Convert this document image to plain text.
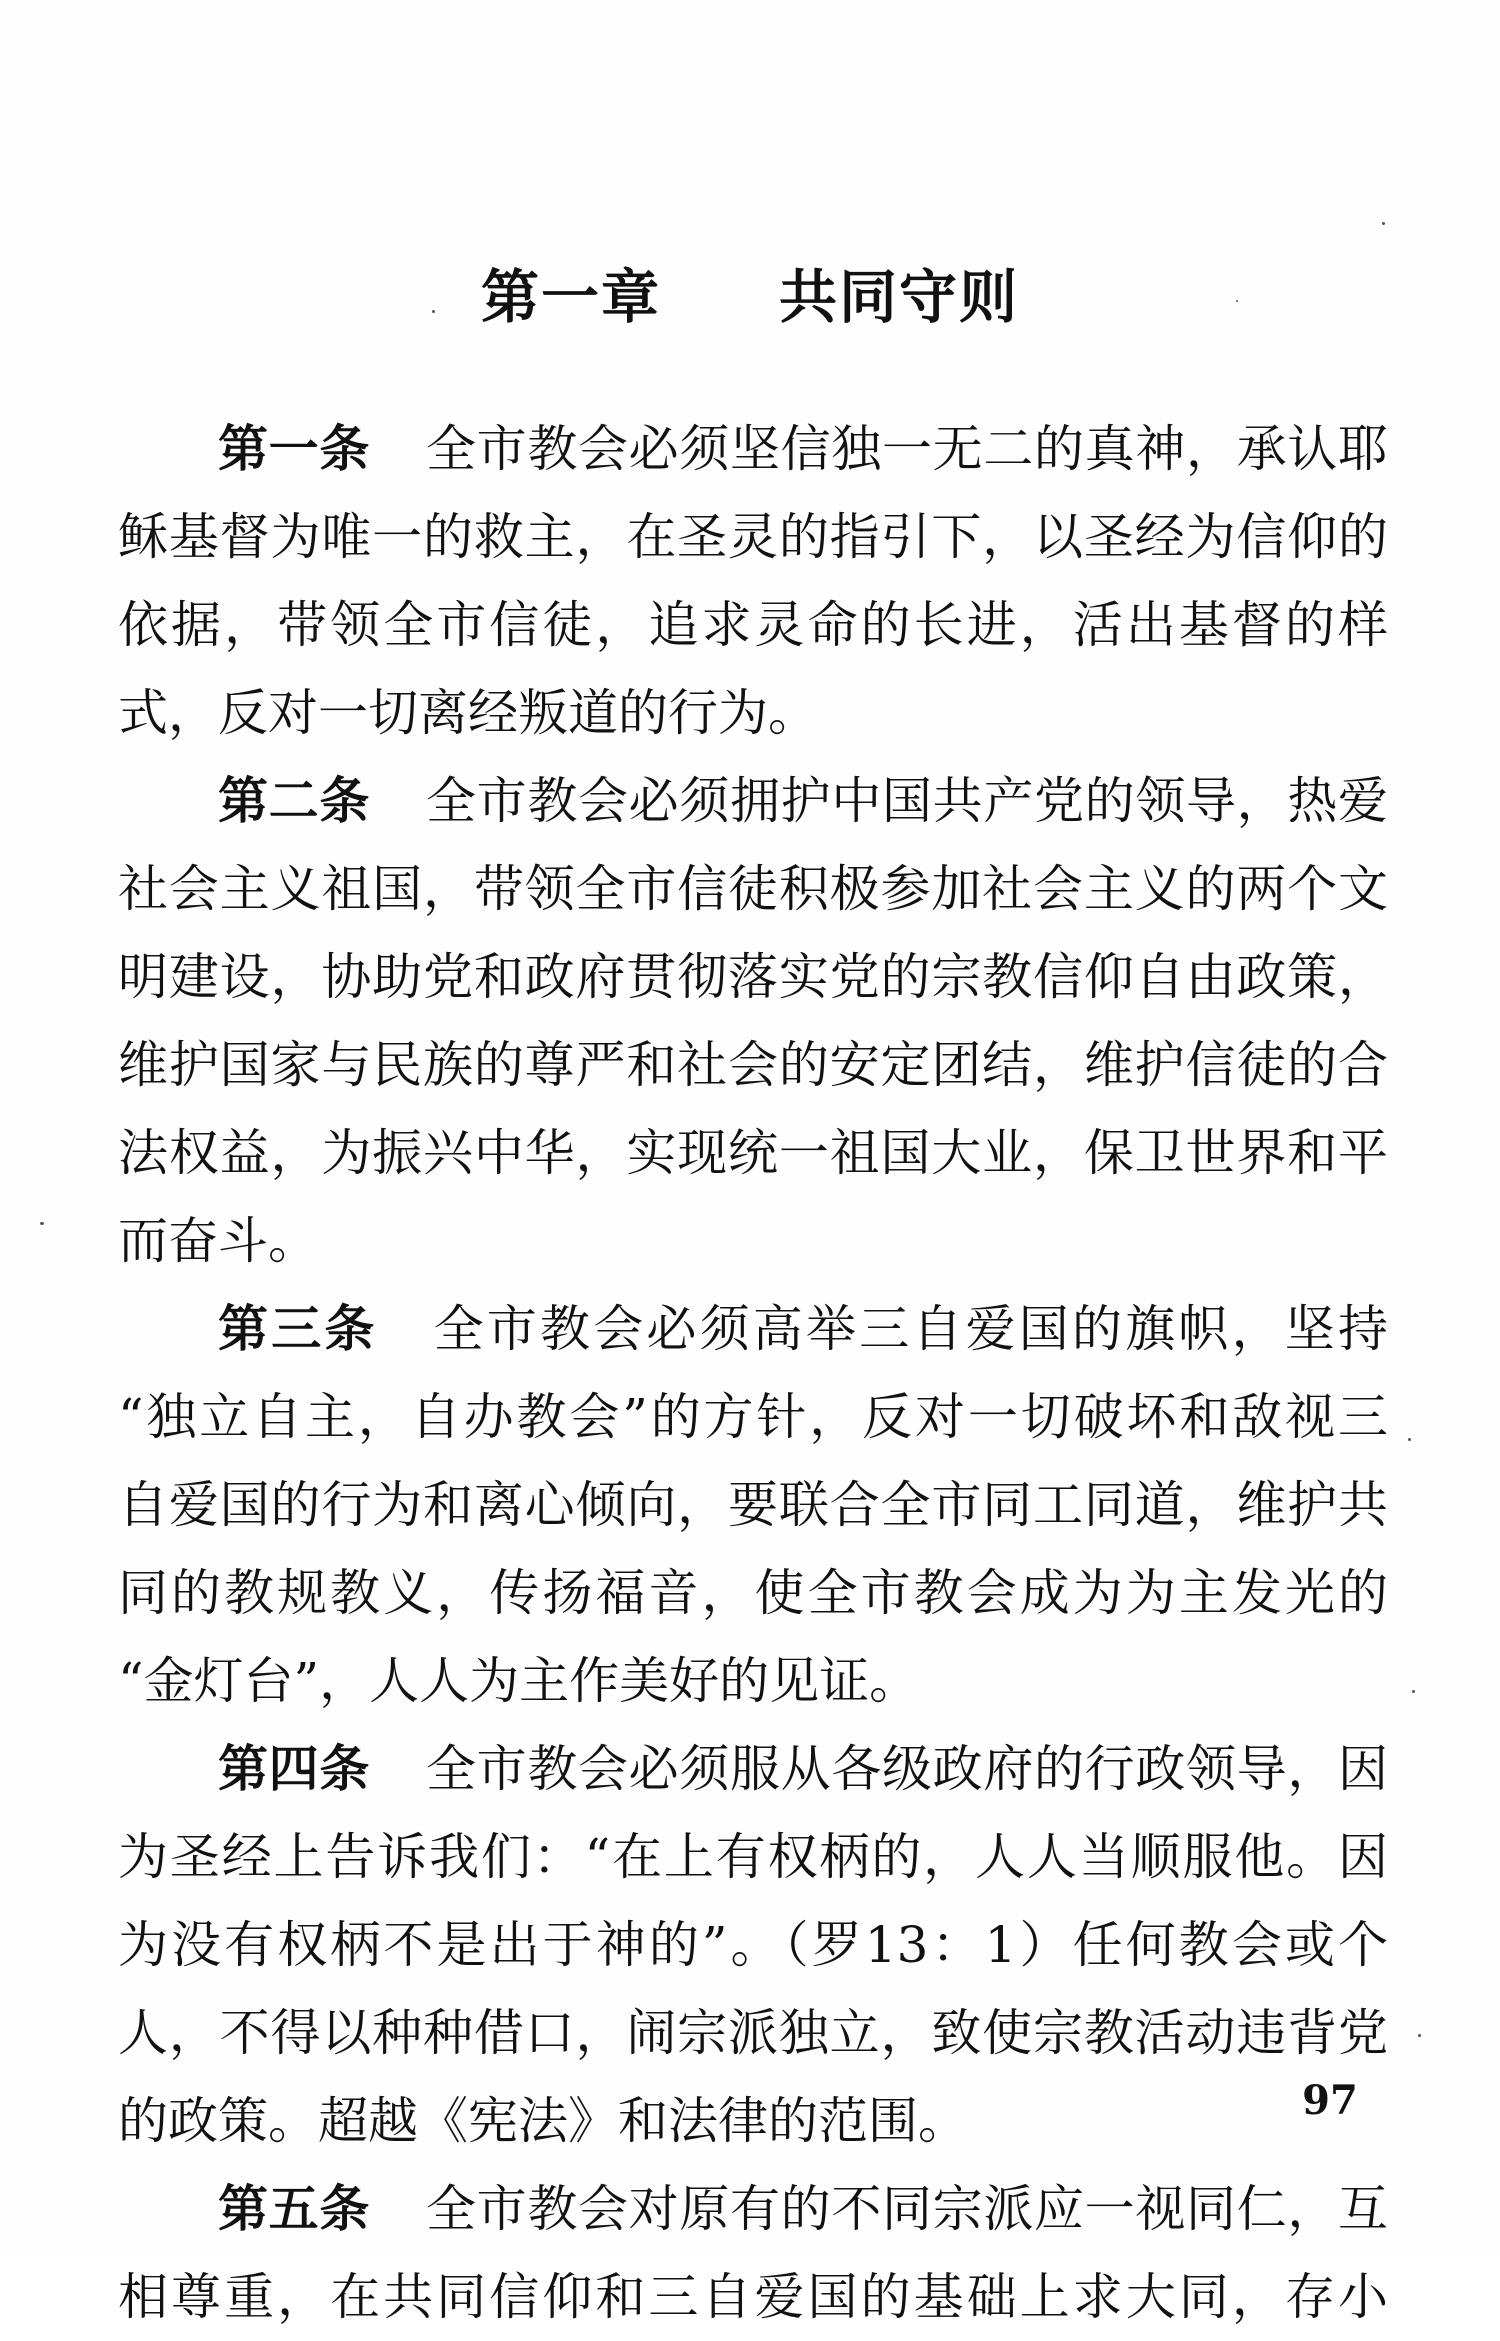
第一章 共同守则
第一条 全市教会必须坚信独一无二的真神，承认耶
稣基督为唯一的救主，在圣灵的指引下，以圣经为信仰的
依据，带领全市信徒，追求灵命的长进，活出基督的样
式，反对一切离经叛道的行为。
第二条 全市教会必须拥护中国共产党的领导，热爱
社会主义祖国，带领全市信徒积极参加社会主义的两个文
明建设，协助党和政府贯彻落实党的宗教信仰自由政策，
维护国家与民族的尊严和社会的安定团结，维护信徒的合
法权益，为振兴中华，实现统一祖国大业，保卫世界和平
而奋斗。
第三条 全市教会必须高举三自爱国的旗帜，坚持
“独立自主，自办教会”的方针，反对一切破坏和敌视三
自爱国的行为和离心倾向，要联合全市同工同道，维护共
同的教规教义，传扬福音，使全市教会成为为主发光的
“金灯台”，人人为主作美好的见证。
第四条 全市教会必须服从各级政府的行政领导，因
为圣经上告诉我们：“在上有权柄的，人人当顺服他。因
为没有权柄不是出于神的”。（罗13：1）任何教会或个
人，不得以种种借口，闹宗派独立，致使宗教活动违背党
的政策。超越《宪法》和法律的范围。
第五条 全市教会对原有的不同宗派应一视同仁，互
相尊重，在共同信仰和三自爱国的基础上求大同，存小
97
